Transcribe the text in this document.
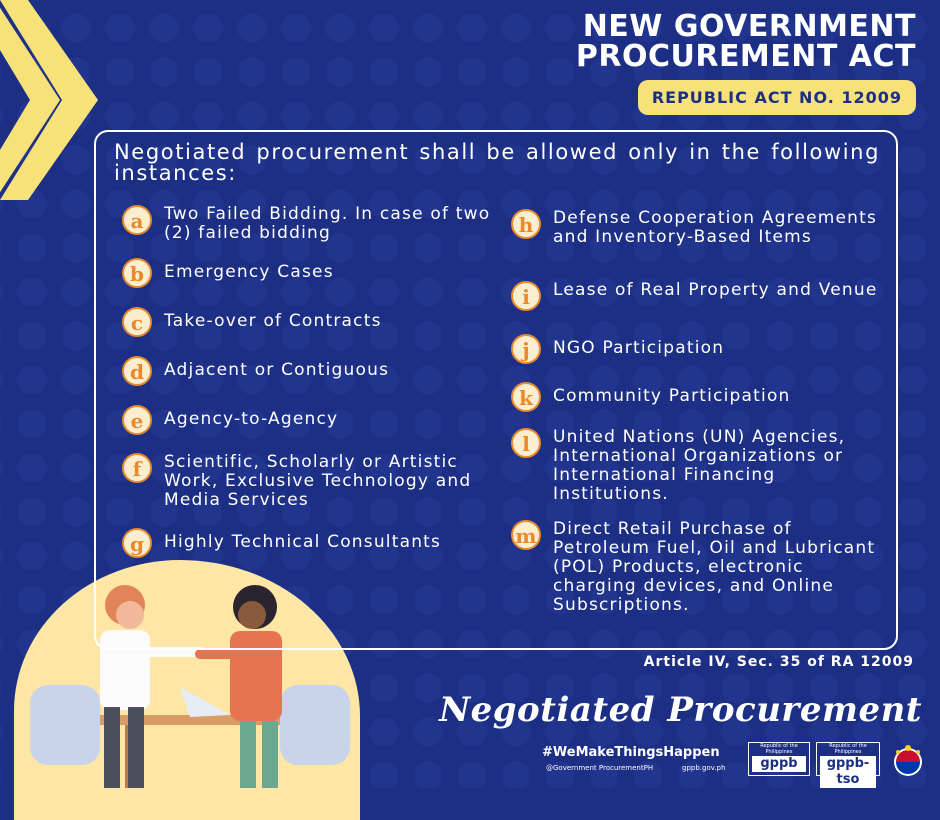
NEW GOVERNMENT
PROCUREMENT ACT
REPUBLIC ACT NO. 12009
Negotiated procurement shall be allowed only in the following instances:
a	Two Failed Bidding. In case of two (2) failed bidding
b	Emergency Cases
c	Take-over of Contracts
d	Adjacent or Contiguous
e	Agency-to-Agency
f	Scientific, Scholarly or Artistic Work, Exclusive Technology and Media Services
g	Highly Technical Consultants
h	Defense Cooperation Agreements and Inventory-Based Items
i	Lease of Real Property and Venue
j	NGO Participation
k	Community Participation
l	United Nations (UN) Agencies, International Organizations or International Financing Institutions.
m Direct Retail Purchase of Petroleum Fuel, Oil and Lubricant (POL) Products, electronic charging devices, and Online Subscriptions.
Article IV, Sec. 35 of RA 12009
Negotiated Procurement
#WeMakeThingsHappen
@Government ProcurementPH	gppb.gov.ph
Republic of the Philippines
gppb
Republic of the Philippines
gppb-tso
